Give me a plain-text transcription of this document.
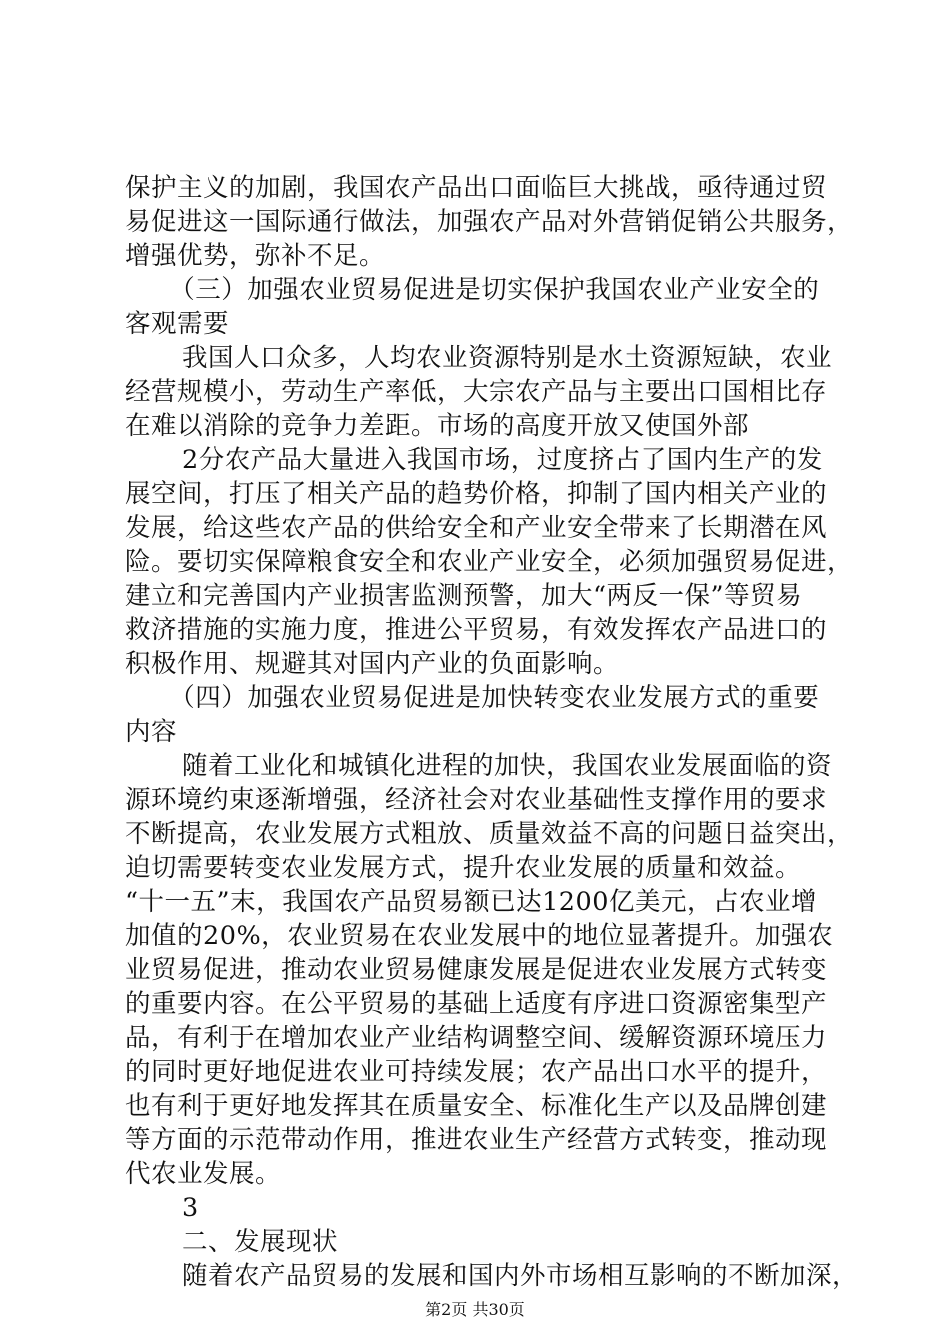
保护主义的加剧，我国农产品出口面临巨大挑战，亟待通过贸
易促进这一国际通行做法，加强农产品对外营销促销公共服务，
增强优势，弥补不足。
　（三）加强农业贸易促进是切实保护我国农业产业安全的
客观需要
　我国人口众多，人均农业资源特别是水土资源短缺，农业
经营规模小，劳动生产率低，大宗农产品与主要出口国相比存
在难以消除的竞争力差距。市场的高度开放又使国外部
　2分农产品大量进入我国市场，过度挤占了国内生产的发
展空间，打压了相关产品的趋势价格，抑制了国内相关产业的
发展，给这些农产品的供给安全和产业安全带来了长期潜在风
险。要切实保障粮食安全和农业产业安全，必须加强贸易促进，
建立和完善国内产业损害监测预警，加大“两反一保”等贸易
救济措施的实施力度，推进公平贸易，有效发挥农产品进口的
积极作用、规避其对国内产业的负面影响。
　（四）加强农业贸易促进是加快转变农业发展方式的重要
内容
　随着工业化和城镇化进程的加快，我国农业发展面临的资
源环境约束逐渐增强，经济社会对农业基础性支撑作用的要求
不断提高，农业发展方式粗放、质量效益不高的问题日益突出，
迫切需要转变农业发展方式，提升农业发展的质量和效益。
“十一五”末，我国农产品贸易额已达1200亿美元，占农业增
加值的20%，农业贸易在农业发展中的地位显著提升。加强农
业贸易促进，推动农业贸易健康发展是促进农业发展方式转变
的重要内容。在公平贸易的基础上适度有序进口资源密集型产
品，有利于在增加农业产业结构调整空间、缓解资源环境压力
的同时更好地促进农业可持续发展；农产品出口水平的提升，
也有利于更好地发挥其在质量安全、标准化生产以及品牌创建
等方面的示范带动作用，推进农业生产经营方式转变，推动现
代农业发展。
　3
　二、发展现状
　随着农产品贸易的发展和国内外市场相互影响的不断加深，
第2页 共30页
